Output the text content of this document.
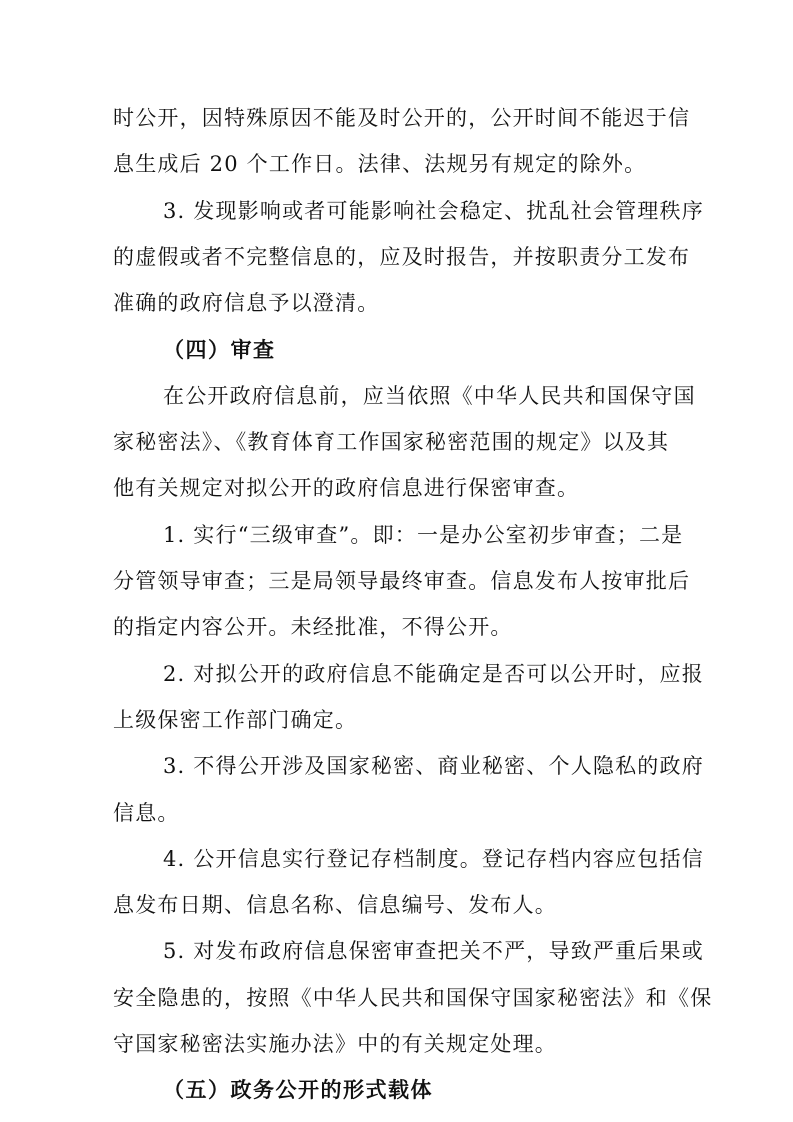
时公开，因特殊原因不能及时公开的，公开时间不能迟于信
息生成后 20 个工作日。法律、法规另有规定的除外。
3. 发现影响或者可能影响社会稳定、扰乱社会管理秩序
的虚假或者不完整信息的，应及时报告，并按职责分工发布
准确的政府信息予以澄清。
（四）审查
在公开政府信息前，应当依照《中华人民共和国保守国
家秘密法》、《教育体育工作国家秘密范围的规定》以及其
他有关规定对拟公开的政府信息进行保密审查。
1. 实行“三级审查”。即：一是办公室初步审查；二是
分管领导审查；三是局领导最终审查。信息发布人按审批后
的指定内容公开。未经批准，不得公开。
2. 对拟公开的政府信息不能确定是否可以公开时，应报
上级保密工作部门确定。
3. 不得公开涉及国家秘密、商业秘密、个人隐私的政府
信息。
4. 公开信息实行登记存档制度。登记存档内容应包括信
息发布日期、信息名称、信息编号、发布人。
5. 对发布政府信息保密审查把关不严，导致严重后果或
安全隐患的，按照《中华人民共和国保守国家秘密法》和《保
守国家秘密法实施办法》中的有关规定处理。
（五）政务公开的形式载体
